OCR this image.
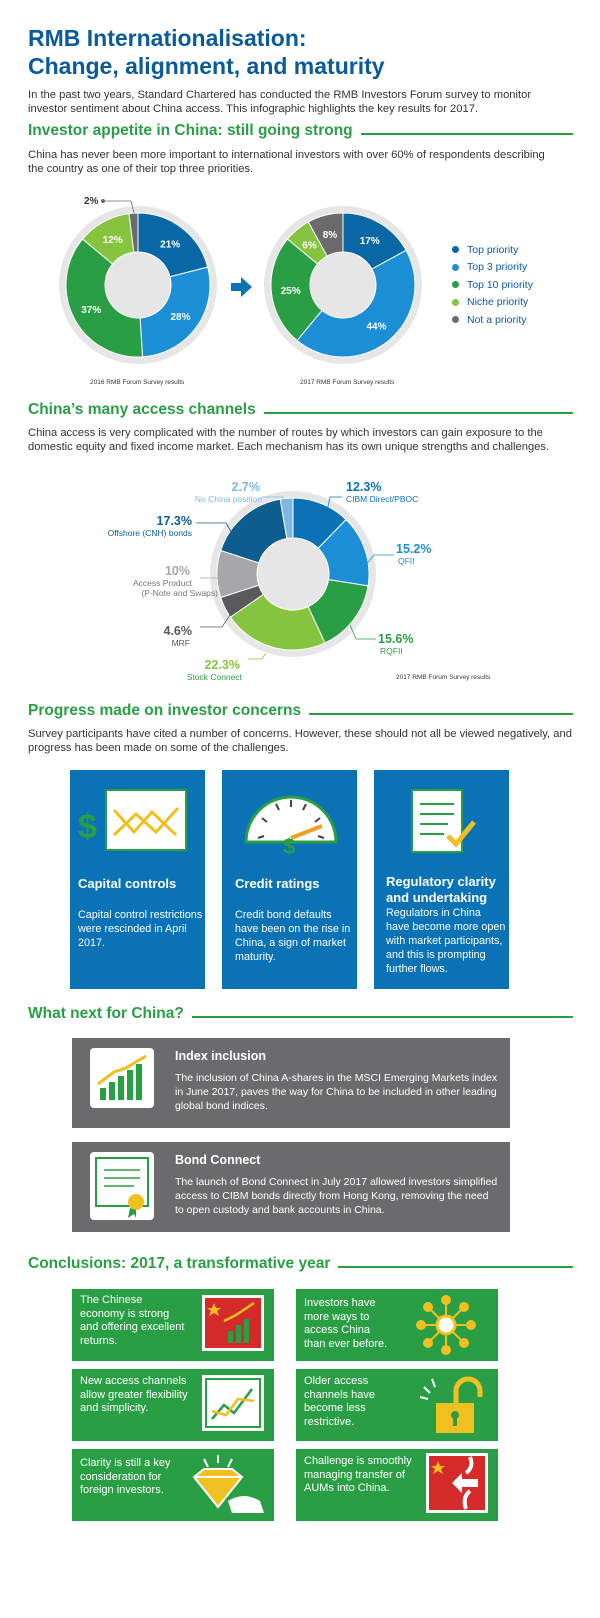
RMB Internationalisation:
Change, alignment, and maturity

In the past two years, Standard Chartered has conducted the RMB Investors Forum survey to monitor investor sentiment about China access. This infographic highlights the key results for 2017.

Investor appetite in China: still going strong

China has never been more important to international investors with over 60% of respondents describing the country as one of their top three priorities.

21%
28%
37%
12%	17%
44%
25%
6%
8%
2%
2016 RMB Forum Survey results	2017 RMB Forum Survey results
Top priority
Top 3 priority
Top 10 priority
Niche priority
Not a priority
China’s many access channels

China access is very complicated with the number of routes by which investors can gain exposure to the domestic equity and fixed income market. Each mechanism has its own unique strengths and challenges.

2.7%
No China position
12.3%
CIBM Direct/PBOC
17.3%
Offshore (CNH) bonds
15.2%
QFII
10%
Access Product
(P-Note and Swaps)
15.6%
RQFII
4.6%
MRF
22.3%
Stock Connect	2017 RMB Forum Survey results
Progress made on investor concerns

Survey participants have cited a number of concerns. However, these should not all be viewed negatively, and progress has been made on some of the challenges.

$
Capital controls

Capital control restrictions were rescinded in April 2017.

$
Credit ratings

Credit bond defaults have been on the rise in China, a sign of market maturity.

Regulatory clarity and undertaking

Regulators in China have become more open with market participants, and this is prompting further flows.

What next for China?
Index inclusion

The inclusion of China A-shares in the MSCI Emerging Markets index in June 2017, paves the way for China to be included in other leading global bond indices.

Bond Connect

The launch of Bond Connect in July 2017 allowed investors simplified access to CIBM bonds directly from Hong Kong, removing the need to open custody and bank accounts in China.

Conclusions: 2017, a transformative year

The Chinese economy is strong and offering excellent returns.

Investors have more ways to access China than ever before.

New access channels allow greater flexibility and simplicity.

Older access channels have become less restrictive.

Clarity is still a key consideration for foreign investors.

Challenge is smoothly managing transfer of AUMs into China.
